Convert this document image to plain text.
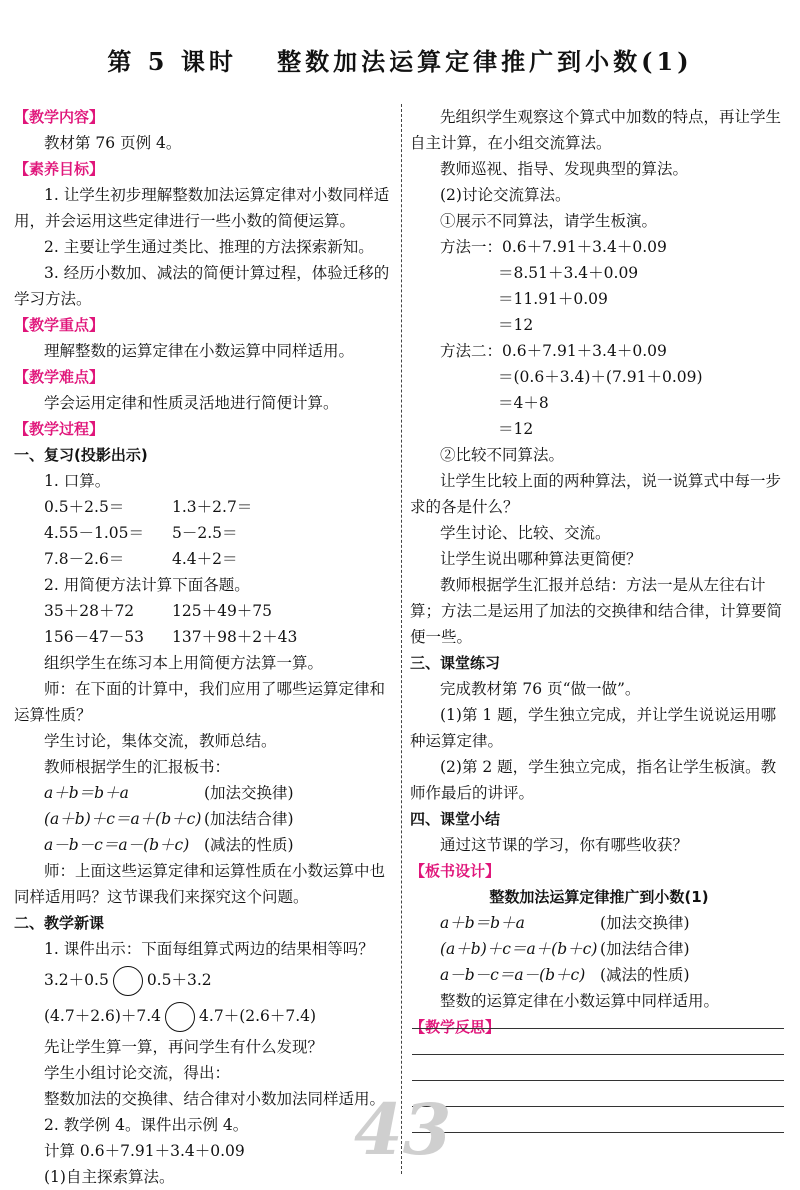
第 5 课时　 整数加法运算定律推广到小数(1)
【教学内容】
教材第 76 页例 4。
【素养目标】
1. 让学生初步理解整数加法运算定律对小数同样适用，并会运用这些定律进行一些小数的简便运算。
2. 主要让学生通过类比、推理的方法探索新知。
3. 经历小数加、减法的简便计算过程，体验迁移的学习方法。
【教学重点】
理解整数的运算定律在小数运算中同样适用。
【教学难点】
学会运用定律和性质灵活地进行简便计算。
【教学过程】
一、复习(投影出示)
1. 口算。
0.5＋2.5＝	1.3＋2.7＝
4.55－1.05＝	5－2.5＝
7.8－2.6＝	4.4＋2＝
2. 用简便方法计算下面各题。
35＋28＋72	125＋49＋75
156－47－53	137＋98＋2＋43
组织学生在练习本上用简便方法算一算。
师：在下面的计算中，我们应用了哪些运算定律和运算性质？
学生讨论，集体交流，教师总结。
教师根据学生的汇报板书：
a＋b＝b＋a	(加法交换律)
(a＋b)＋c＝a＋(b＋c) (加法结合律)
a－b－c＝a－(b＋c) (减法的性质)
师：上面这些运算定律和运算性质在小数运算中也同样适用吗？这节课我们来探究这个问题。
二、教学新课
1. 课件出示：下面每组算式两边的结果相等吗？
3.2＋0.5 0.5＋3.2
(4.7＋2.6)＋7.4 4.7＋(2.6＋7.4)
先让学生算一算，再问学生有什么发现？
学生小组讨论交流，得出：
整数加法的交换律、结合律对小数加法同样适用。
2. 教学例 4。课件出示例 4。
计算 0.6＋7.91＋3.4＋0.09
(1)自主探索算法。
先组织学生观察这个算式中加数的特点，再让学生自主计算，在小组交流算法。
教师巡视、指导、发现典型的算法。
(2)讨论交流算法。
①展示不同算法，请学生板演。
方法一：0.6＋7.91＋3.4＋0.09
＝8.51＋3.4＋0.09
＝11.91＋0.09
＝12
方法二：0.6＋7.91＋3.4＋0.09
＝(0.6＋3.4)＋(7.91＋0.09)
＝4＋8
＝12
②比较不同算法。
让学生比较上面的两种算法，说一说算式中每一步求的各是什么？
学生讨论、比较、交流。
让学生说出哪种算法更简便？
教师根据学生汇报并总结：方法一是从左往右计算；方法二是运用了加法的交换律和结合律，计算要简便一些。
三、课堂练习
完成教材第 76 页“做一做”。
(1)第 1 题，学生独立完成，并让学生说说运用哪种运算定律。
(2)第 2 题，学生独立完成，指名让学生板演。教师作最后的讲评。
四、课堂小结
通过这节课的学习，你有哪些收获？
【板书设计】
整数加法运算定律推广到小数(1)
a＋b＝b＋a	(加法交换律)
(a＋b)＋c＝a＋(b＋c) (加法结合律)
a－b－c＝a－(b＋c) (减法的性质)
整数的运算定律在小数运算中同样适用。
【教学反思】
43
